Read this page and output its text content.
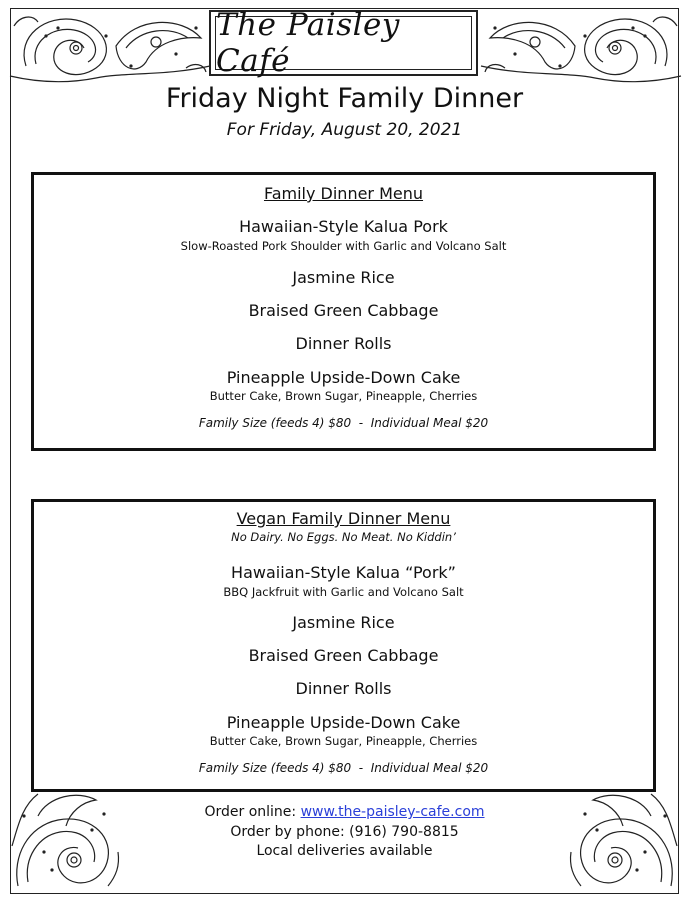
The Paisley Café
Friday Night Family Dinner
For Friday, August 20, 2021
Family Dinner Menu
Hawaiian-Style Kalua Pork
Slow-Roasted Pork Shoulder with Garlic and Volcano Salt
Jasmine Rice
Braised Green Cabbage
Dinner Rolls
Pineapple Upside-Down Cake
Butter Cake, Brown Sugar, Pineapple, Cherries
Family Size (feeds 4) $80  -  Individual Meal $20
Vegan Family Dinner Menu
No Dairy. No Eggs. No Meat. No Kiddin’
Hawaiian-Style Kalua “Pork”
BBQ Jackfruit with Garlic and Volcano Salt
Jasmine Rice
Braised Green Cabbage
Dinner Rolls
Pineapple Upside-Down Cake
Butter Cake, Brown Sugar, Pineapple, Cherries
Family Size (feeds 4) $80  -  Individual Meal $20
Order online: www.the-paisley-cafe.com
Order by phone: (916) 790-8815
Local deliveries available
